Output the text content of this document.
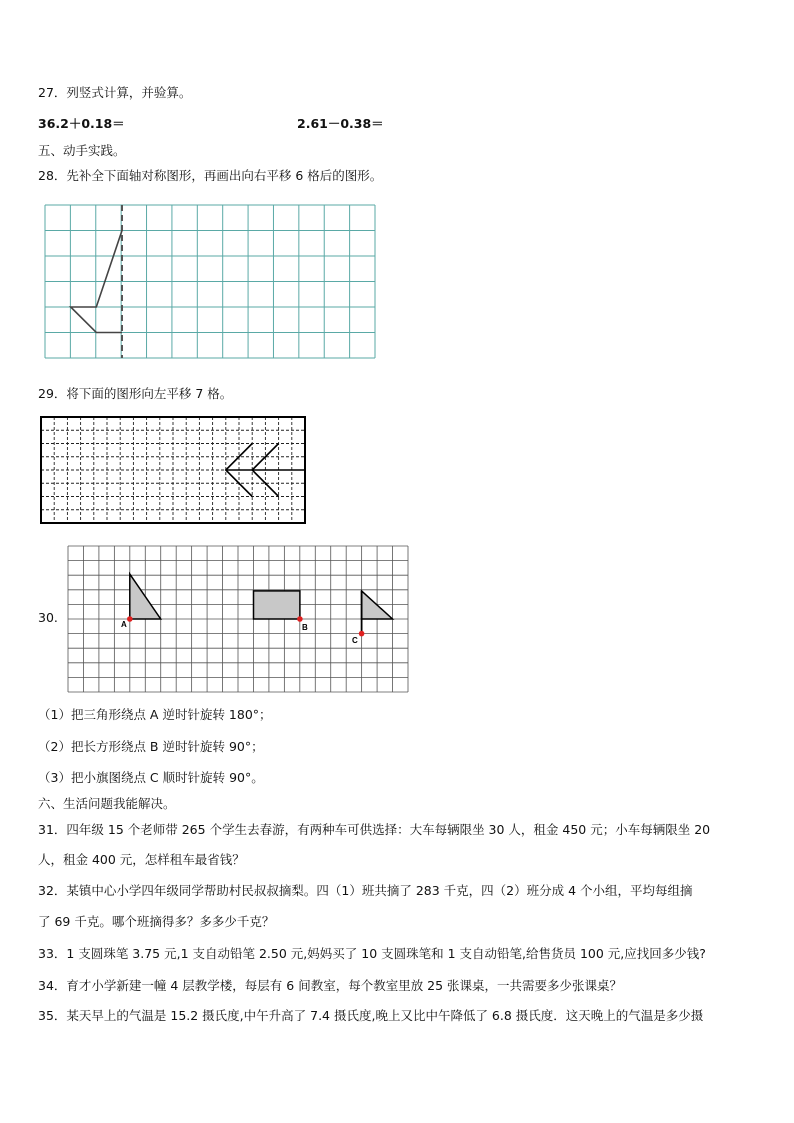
27．列竖式计算，并验算。
36.2＋0.18＝	2.61－0.38＝
五、动手实践。
28．先补全下面轴对称图形，再画出向右平移 6 格后的图形。
29．将下面的图形向左平移 7 格。
30.	A	B
C
（1）把三角形绕点 A 逆时针旋转 180°；
（2）把长方形绕点 B 逆时针旋转 90°；
（3）把小旗图绕点 C 顺时针旋转 90°。
六、生活问题我能解决。
31．四年级 15 个老师带 265 个学生去春游，有两种车可供选择：大车每辆限坐 30 人，租金 450 元；小车每辆限坐 20
人，租金 400 元，怎样租车最省钱？
32．某镇中心小学四年级同学帮助村民叔叔摘梨。四（1）班共摘了 283 千克，四（2）班分成 4 个小组，平均每组摘
了 69 千克。哪个班摘得多？多多少千克？
33．1 支圆珠笔 3.75 元,1 支自动铅笔 2.50 元,妈妈买了 10 支圆珠笔和 1 支自动铅笔,给售货员 100 元,应找回多少钱?
34．育才小学新建一幢 4 层教学楼，每层有 6 间教室，每个教室里放 25 张课桌，一共需要多少张课桌？
35．某天早上的气温是 15.2 摄氏度,中午升高了 7.4 摄氏度,晚上又比中午降低了 6.8 摄氏度．这天晚上的气温是多少摄
